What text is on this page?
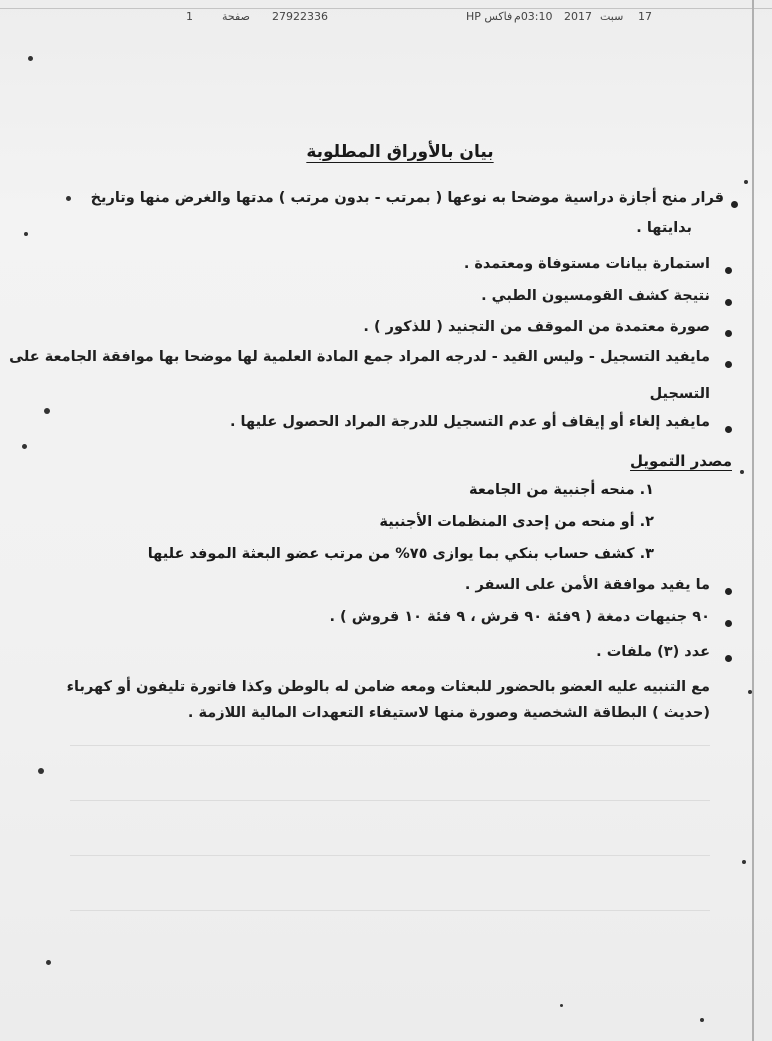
1	صفحة 27922336	فاكس HP 03:10م 2017 سبت 17
بيان بالأوراق المطلوبة
قرار منح أجازة دراسية موضحا به نوعها ( بمرتب - بدون مرتب ) مدتها والغرض منها وتاريخ
بدايتها .
استمارة بيانات مستوفاة ومعتمدة .
نتيجة كشف القومسيون الطبي .
صورة معتمدة من الموقف من التجنيد ( للذكور ) .
مايفيد التسجيل - وليس القيد - لدرجه المراد جمع المادة العلمية لها موضحا بها موافقة الجامعة على
التسجيل
مايفيد إلغاء أو إيقاف أو عدم التسجيل للدرجة المراد الحصول عليها .
مصدر التمويل
١. منحه أجنبية من الجامعة
٢. أو منحه من إحدى المنظمات الأجنبية
٣. كشف حساب بنكي بما يوازى ٧٥% من مرتب عضو البعثة الموفد عليها
ما يفيد موافقة الأمن على السفر .
٩٠ جنيهات دمغة ( ٩فئة ٩٠ قرش ، ٩ فئة ١٠ قروش ) .
عدد (٣) ملفات .
مع التنبيه عليه العضو بالحضور للبعثات ومعه ضامن له بالوطن وكذا فاتورة تليفون أو كهرباء
(حديث ) البطاقة الشخصية وصورة منها لاستيفاء التعهدات المالية اللازمة .
